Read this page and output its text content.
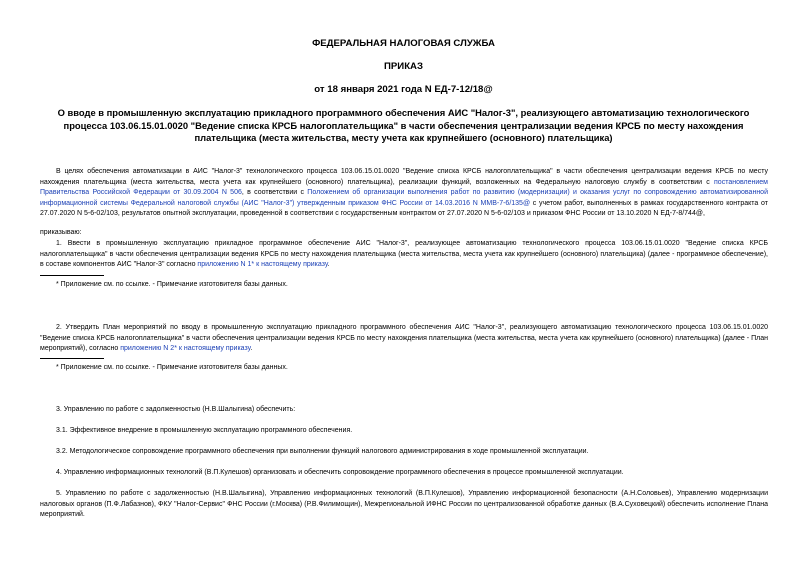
ФЕДЕРАЛЬНАЯ НАЛОГОВАЯ СЛУЖБА
ПРИКАЗ
от 18 января 2021 года N ЕД-7-12/18@
О вводе в промышленную эксплуатацию прикладного программного обеспечения АИС "Налог-3", реализующего автоматизацию технологического процесса 103.06.15.01.0020 "Ведение списка КРСБ налогоплательщика" в части обеспечения централизации ведения КРСБ по месту нахождения плательщика (места жительства, месту учета как крупнейшего (основного) плательщика)
В целях обеспечения автоматизации в АИС "Налог-3" технологического процесса 103.06.15.01.0020 "Ведение списка КРСБ налогоплательщика" в части обеспечения централизации ведения КРСБ по месту нахождения плательщика (места жительства, места учета как крупнейшего (основного) плательщика), реализации функций, возложенных на Федеральную налоговую службу в соответствии с постановлением Правительства Российской Федерации от 30.09.2004 N 506, в соответствии с Положением об организации выполнения работ по развитию (модернизации) и оказания услуг по сопровождению автоматизированной информационной системы Федеральной налоговой службы (АИС "Налог-3") утвержденным приказом ФНС России от 14.03.2016 N ММВ-7-6/135@ с учетом работ, выполненных в рамках государственного контракта от 27.07.2020 N 5-6-02/103, результатов опытной эксплуатации, проведенной в соответствии с государственным контрактом от 27.07.2020 N 5-6-02/103 и приказом ФНС России от 13.10.2020 N ЕД-7-8/744@,
приказываю:
1. Ввести в промышленную эксплуатацию прикладное программное обеспечение АИС "Налог-3", реализующее автоматизацию технологического процесса 103.06.15.01.0020 "Ведение списка КРСБ налогоплательщика" в части обеспечения централизации ведения КРСБ по месту нахождения плательщика (места жительства, места учета как крупнейшего (основного) плательщика) (далее - программное обеспечение), в составе компонентов АИС "Налог-3" согласно приложению N 1* к настоящему приказу.
* Приложение см. по ссылке. - Примечание изготовителя базы данных.
2. Утвердить План мероприятий по вводу в промышленную эксплуатацию прикладного программного обеспечения АИС "Налог-3", реализующего автоматизацию технологического процесса 103.06.15.01.0020 "Ведение списка КРСБ налогоплательщика" в части обеспечения централизации ведения КРСБ по месту нахождения плательщика (места жительства, места учета как крупнейшего (основного) плательщика) (далее - План мероприятий), согласно приложению N 2* к настоящему приказу.
* Приложение см. по ссылке. - Примечание изготовителя базы данных.
3. Управлению по работе с задолженностью (Н.В.Шалыгина) обеспечить:
3.1. Эффективное внедрение в промышленную эксплуатацию программного обеспечения.
3.2. Методологическое сопровождение программного обеспечения при выполнении функций налогового администрирования в ходе промышленной эксплуатации.
4. Управлению информационных технологий (В.П.Кулешов) организовать и обеспечить сопровождение программного обеспечения в процессе промышленной эксплуатации.
5. Управлению по работе с задолженностью (Н.В.Шалыгина), Управлению информационных технологий (В.П.Кулешов), Управлению информационной безопасности (А.Н.Соловьев), Управлению модернизации налоговых органов (П.Ф.Лабазнов), ФКУ "Налог-Сервис" ФНС России (г.Москва) (Р.В.Филимощин), Межрегиональной ИФНС России по централизованной обработке данных (В.А.Суховецкий) обеспечить исполнение Плана мероприятий.
